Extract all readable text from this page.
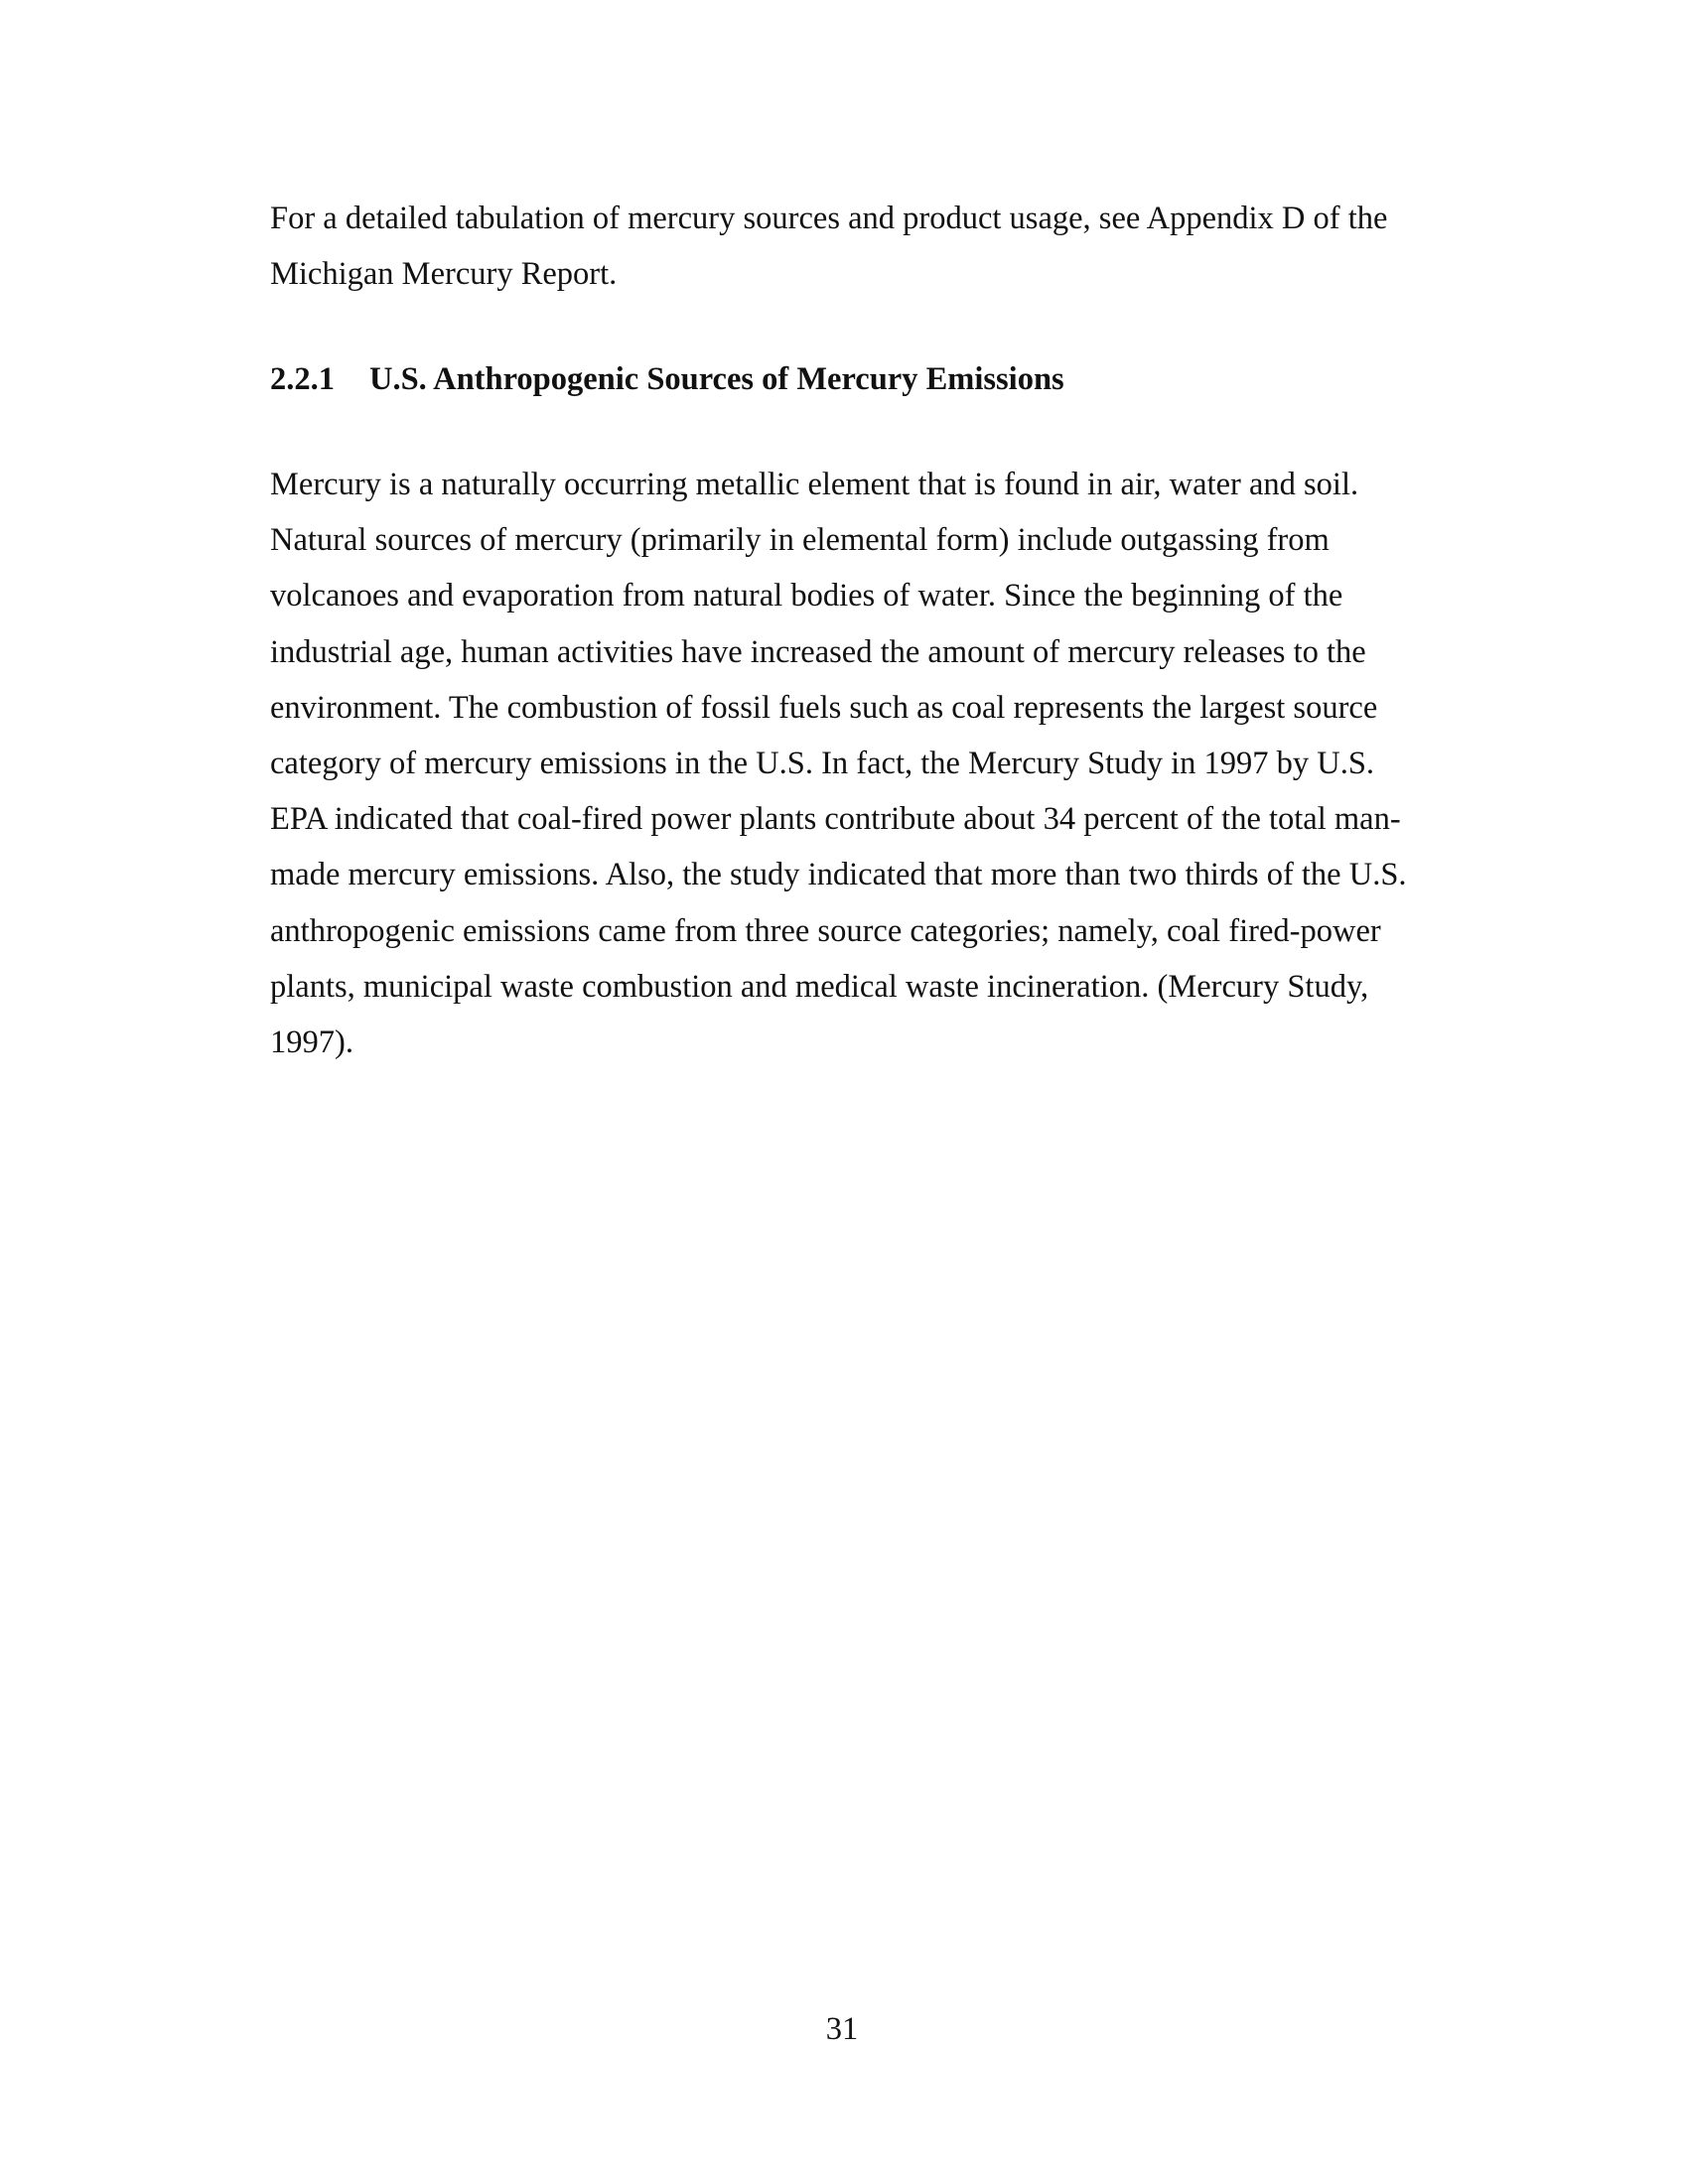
For a detailed tabulation of mercury sources and product usage, see Appendix D of the
Michigan Mercury Report.

2.2.1 U.S. Anthropogenic Sources of Mercury Emissions

Mercury is a naturally occurring metallic element that is found in air, water and soil.
Natural sources of mercury (primarily in elemental form) include outgassing from
volcanoes and evaporation from natural bodies of water. Since the beginning of the
industrial age, human activities have increased the amount of mercury releases to the
environment. The combustion of fossil fuels such as coal represents the largest source
category of mercury emissions in the U.S. In fact, the Mercury Study in 1997 by U.S.
EPA indicated that coal-fired power plants contribute about 34 percent of the total man-
made mercury emissions. Also, the study indicated that more than two thirds of the U.S.
anthropogenic emissions came from three source categories; namely, coal fired-power
plants, municipal waste combustion and medical waste incineration. (Mercury Study,
1997).

31
